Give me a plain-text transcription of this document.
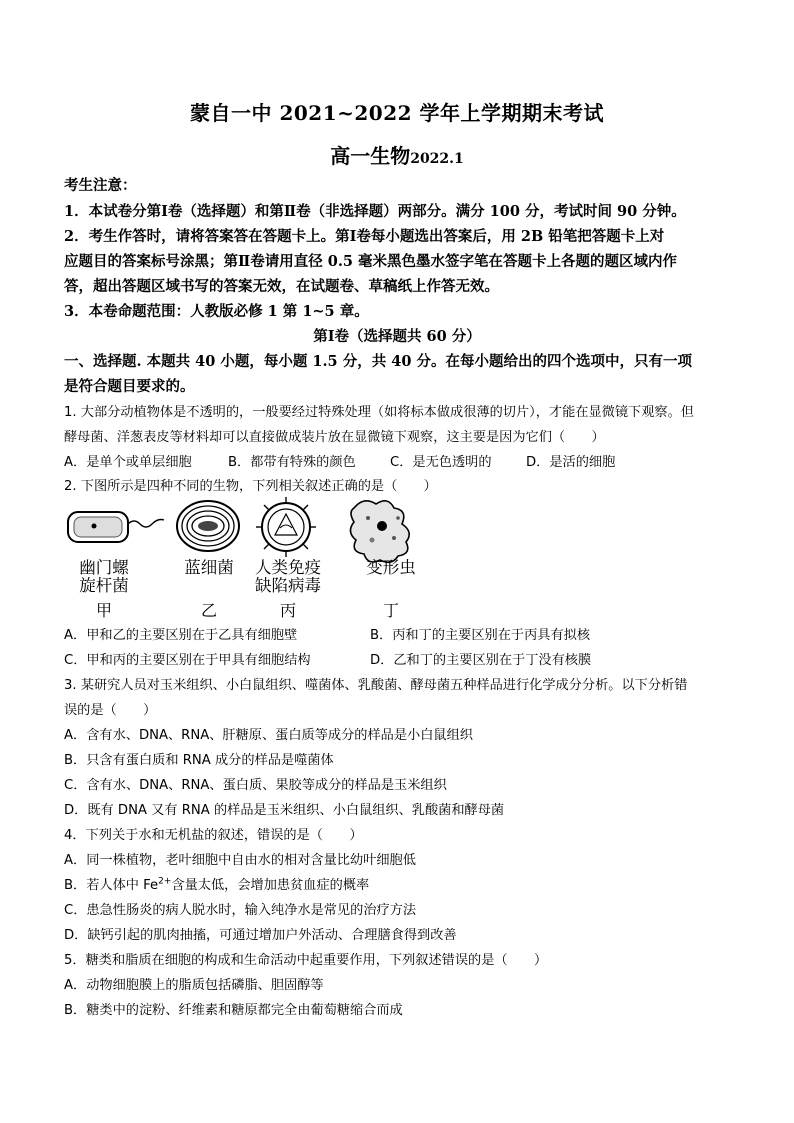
蒙自一中 2021~2022 学年上学期期末考试
高一生物2022.1
考生注意：
1．本试卷分第Ⅰ卷（选择题）和第Ⅱ卷（非选择题）两部分。满分 100 分，考试时间 90 分钟。
2．考生作答时，请将答案答在答题卡上。第Ⅰ卷每小题选出答案后，用 2B 铅笔把答题卡上对
应题目的答案标号涂黑；第Ⅱ卷请用直径 0.5 毫米黑色墨水签字笔在答题卡上各题的题区域内作
答，超出答题区域书写的答案无效，在试题卷、草稿纸上作答无效。
3．本卷命题范围：人教版必修 1 第 1~5 章。
第Ⅰ卷（选择题共 60 分）
一、选择题. 本题共 40 小题，每小题 1.5 分，共 40 分。在每小题给出的四个选项中，只有一项
是符合题目要求的。
1. 大部分动植物体是不透明的，一般要经过特殊处理（如将标本做成很薄的切片），才能在显微镜下观察。但
酵母菌、洋葱表皮等材料却可以直接做成装片放在显微镜下观察，这主要是因为它们（　　）
A．是单个或单层细胞	B．都带有特殊的颜色	C．是无色透明的	D．是活的细胞
2. 下图所示是四种不同的生物，下列相关叙述正确的是（　　）
幽门螺
旋杆菌
甲
蓝细菌
乙
人类免疫
缺陷病毒
丙
变形虫
丁
A．甲和乙的主要区别在于乙具有细胞壁	B．丙和丁的主要区别在于丙具有拟核
C．甲和丙的主要区别在于甲具有细胞结构	D．乙和丁的主要区别在于丁没有核膜
3. 某研究人员对玉米组织、小白鼠组织、噬菌体、乳酸菌、酵母菌五种样品进行化学成分分析。以下分析错
误的是（　　）
A．含有水、DNA、RNA、肝糖原、蛋白质等成分的样品是小白鼠组织
B．只含有蛋白质和 RNA 成分的样品是噬菌体
C．含有水、DNA、RNA、蛋白质、果胶等成分的样品是玉米组织
D．既有 DNA 又有 RNA 的样品是玉米组织、小白鼠组织、乳酸菌和酵母菌
4．下列关于水和无机盐的叙述，错误的是（　　）
A．同一株植物，老叶细胞中自由水的相对含量比幼叶细胞低
B．若人体中 $Fe^{2+}$含量太低，会增加患贫血症的概率
C．患急性肠炎的病人脱水时，输入纯净水是常见的治疗方法
D．缺钙引起的肌肉抽搐，可通过增加户外活动、合理膳食得到改善
5．糖类和脂质在细胞的构成和生命活动中起重要作用，下列叙述错误的是（　　）
A．动物细胞膜上的脂质包括磷脂、胆固醇等
B．糖类中的淀粉、纤维素和糖原都完全由葡萄糖缩合而成
